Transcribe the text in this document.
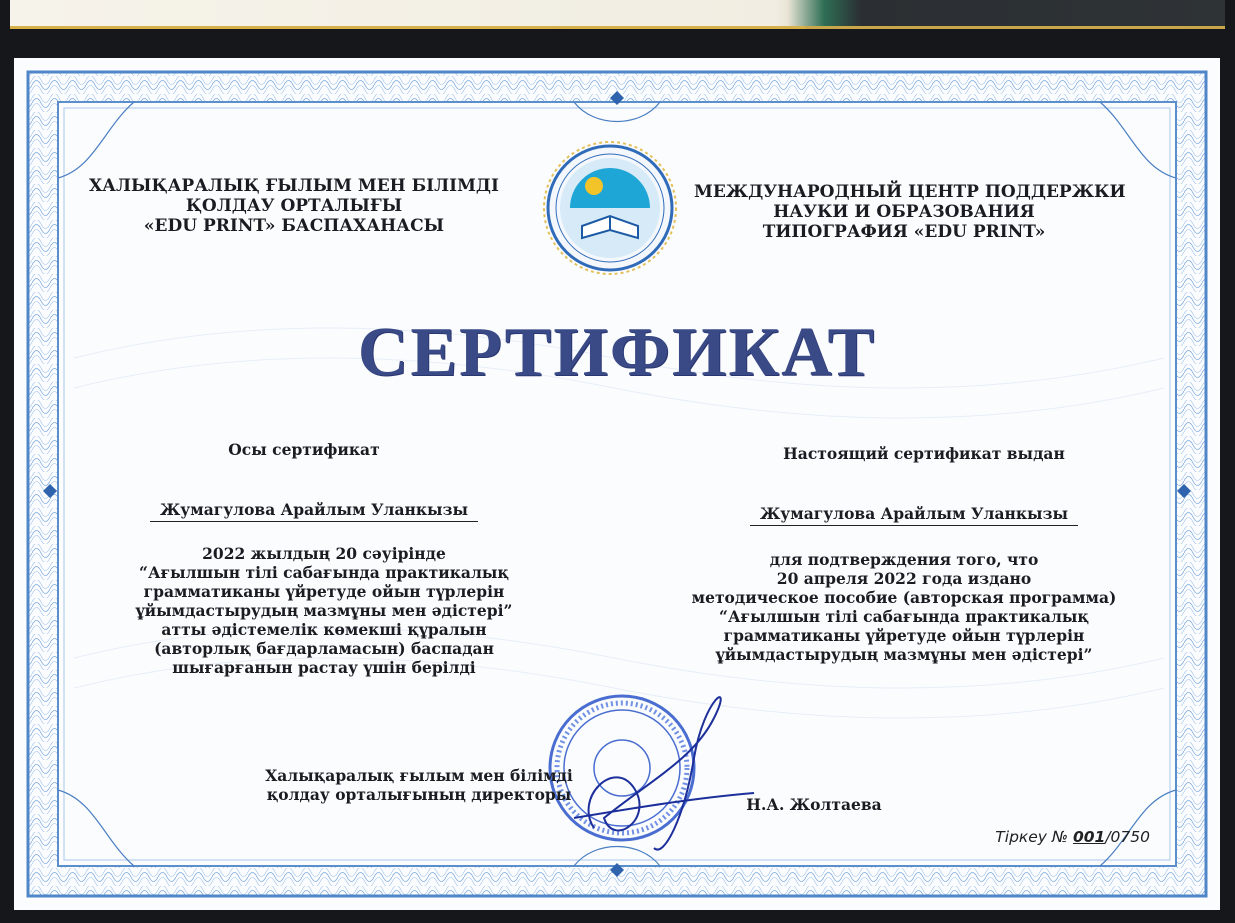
ХАЛЫҚАРАЛЫҚ ҒЫЛЫМ МЕН БІЛІМДІ
ҚОЛДАУ ОРТАЛЫҒЫ
«EDU PRINT» БАСПАХАНАСЫ
МЕЖДУНАРОДНЫЙ ЦЕНТР ПОДДЕРЖКИ
НАУКИ И ОБРАЗОВАНИЯ
ТИПОГРАФИЯ «EDU PRINT»
СЕРТИФИКАТ
Осы сертификат
Жумагулова Арайлым Уланкызы
2022 жылдың 20 сәуірінде
“Ағылшын тілі сабағында практикалық
грамматиканы үйретуде ойын түрлерін
ұйымдастырудың мазмұны мен әдістері”
атты әдістемелік көмекші құралын
(авторлық бағдарламасын) баспадан
шығарғанын растау үшін берілді
Настоящий сертификат выдан
Жумагулова Арайлым Уланкызы
для подтверждения того, что
20 апреля 2022 года издано
методическое пособие (авторская программа)
“Ағылшын тілі сабағында практикалық
грамматиканы үйретуде ойын түрлерін
ұйымдастырудың мазмұны мен әдістері”
Халықаралық ғылым мен білімді
қолдау орталығының директоры
Н.А. Жолтаева
Тіркеу № 001/0750
